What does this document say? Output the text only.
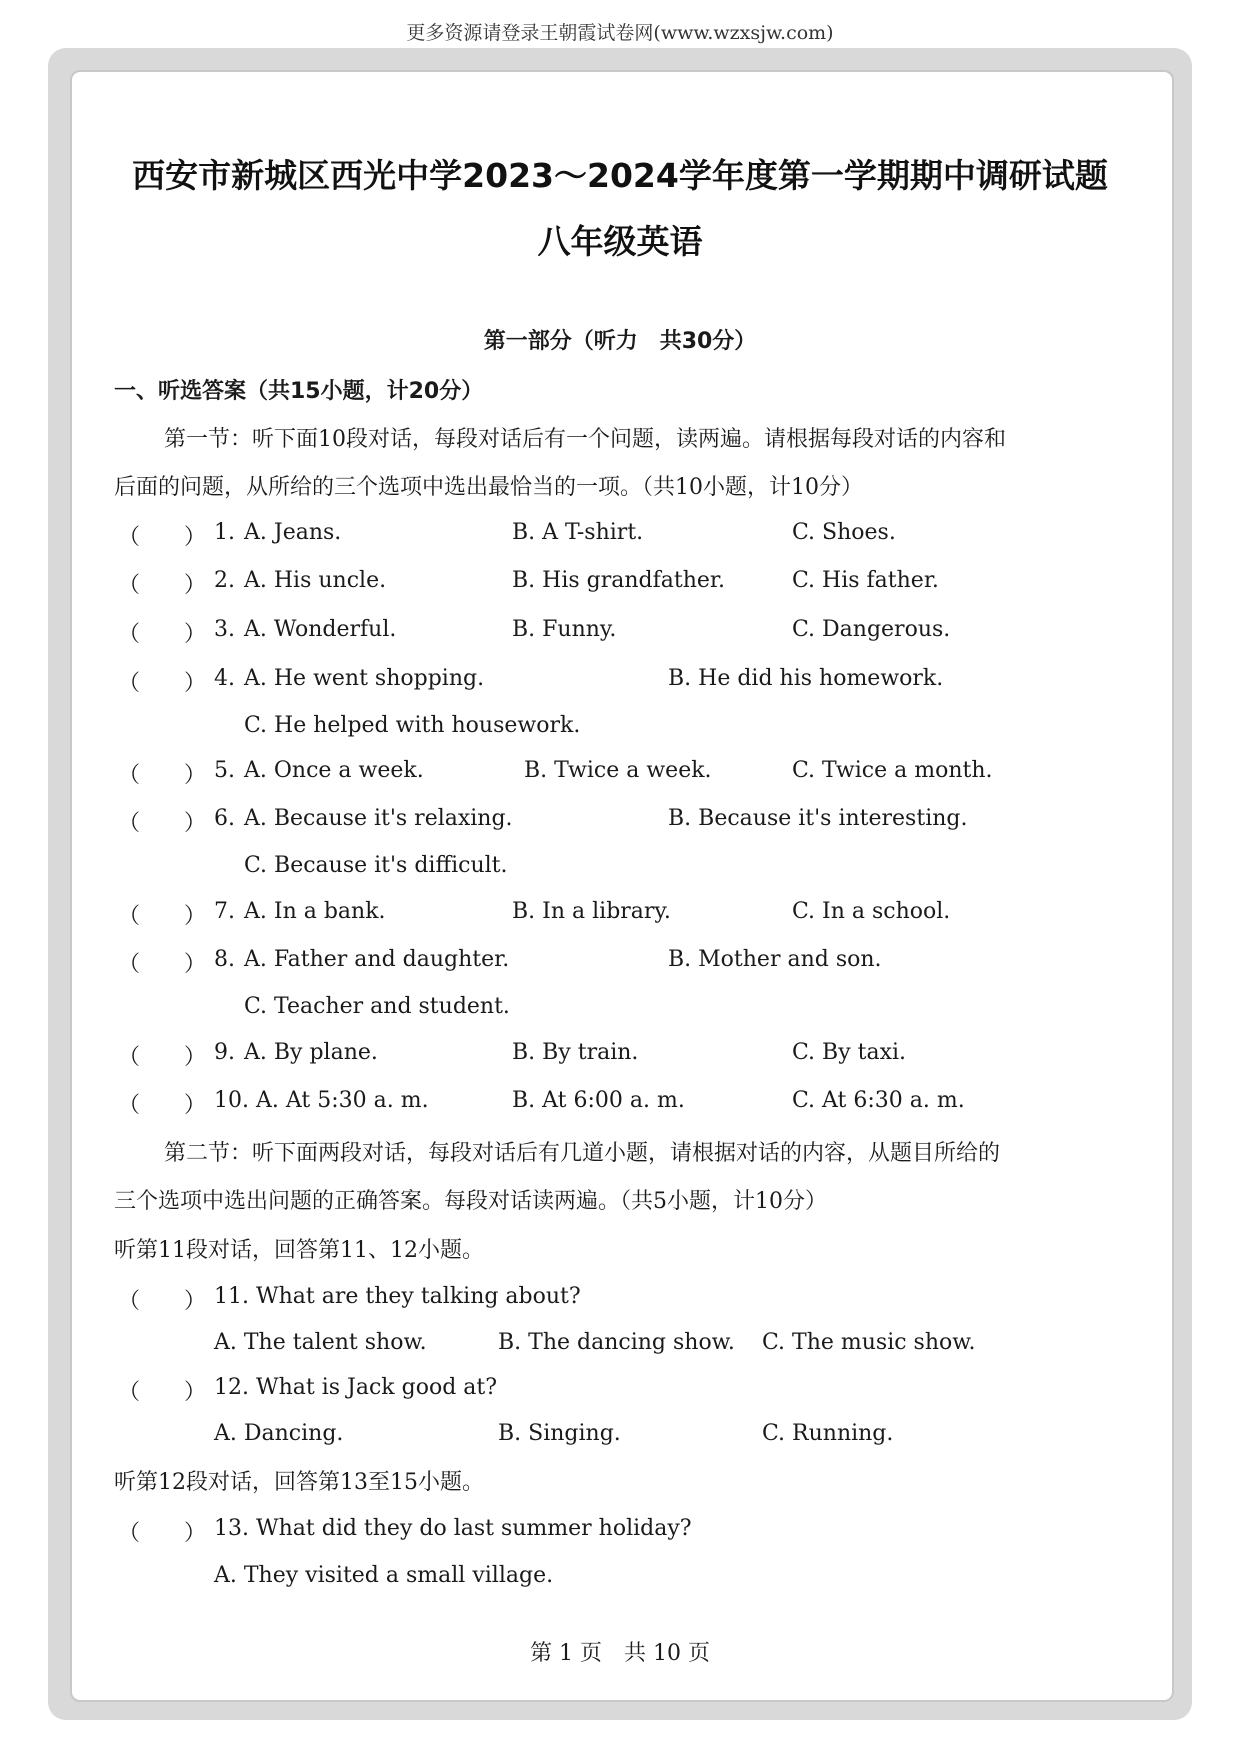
更多资源请登录王朝霞试卷网(www.wzxsjw.com)
西安市新城区西光中学2023～2024学年度第一学期期中调研试题
八年级英语
第一部分（听力　共30分）
一、听选答案（共15小题，计20分）
第一节：听下面10段对话，每段对话后有一个问题，读两遍。请根据每段对话的内容和
后面的问题，从所给的三个选项中选出最恰当的一项。（共10小题，计10分）
（　　） 1. A. Jeans.	B. A T-shirt.	C. Shoes.
（　　） 2. A. His uncle.	B. His grandfather.	C. His father.
（　　） 3. A. Wonderful.	B. Funny.	C. Dangerous.
（　　） 4. A. He went shopping.	B. He did his homework.
C. He helped with housework.
（　　） 5. A. Once a week.	B. Twice a week.	C. Twice a month.
（　　） 6. A. Because it's relaxing.	B. Because it's interesting.
C. Because it's difficult.
（　　） 7. A. In a bank.	B. In a library.	C. In a school.
（　　） 8. A. Father and daughter.	B. Mother and son.
C. Teacher and student.
（　　） 9. A. By plane.	B. By train.	C. By taxi.
（　　） 10. A. At 5:30 a. m.	B. At 6:00 a. m.	C. At 6:30 a. m.
第二节：听下面两段对话，每段对话后有几道小题，请根据对话的内容，从题目所给的
三个选项中选出问题的正确答案。每段对话读两遍。（共5小题，计10分）
听第11段对话，回答第11、12小题。
（　　） 11. What are they talking about?
A. The talent show.	B. The dancing show. C. The music show.
（　　） 12. What is Jack good at?
A. Dancing.	B. Singing.	C. Running.
听第12段对话，回答第13至15小题。
（　　） 13. What did they do last summer holiday?
A. They visited a small village.
第 1 页　共 10 页
